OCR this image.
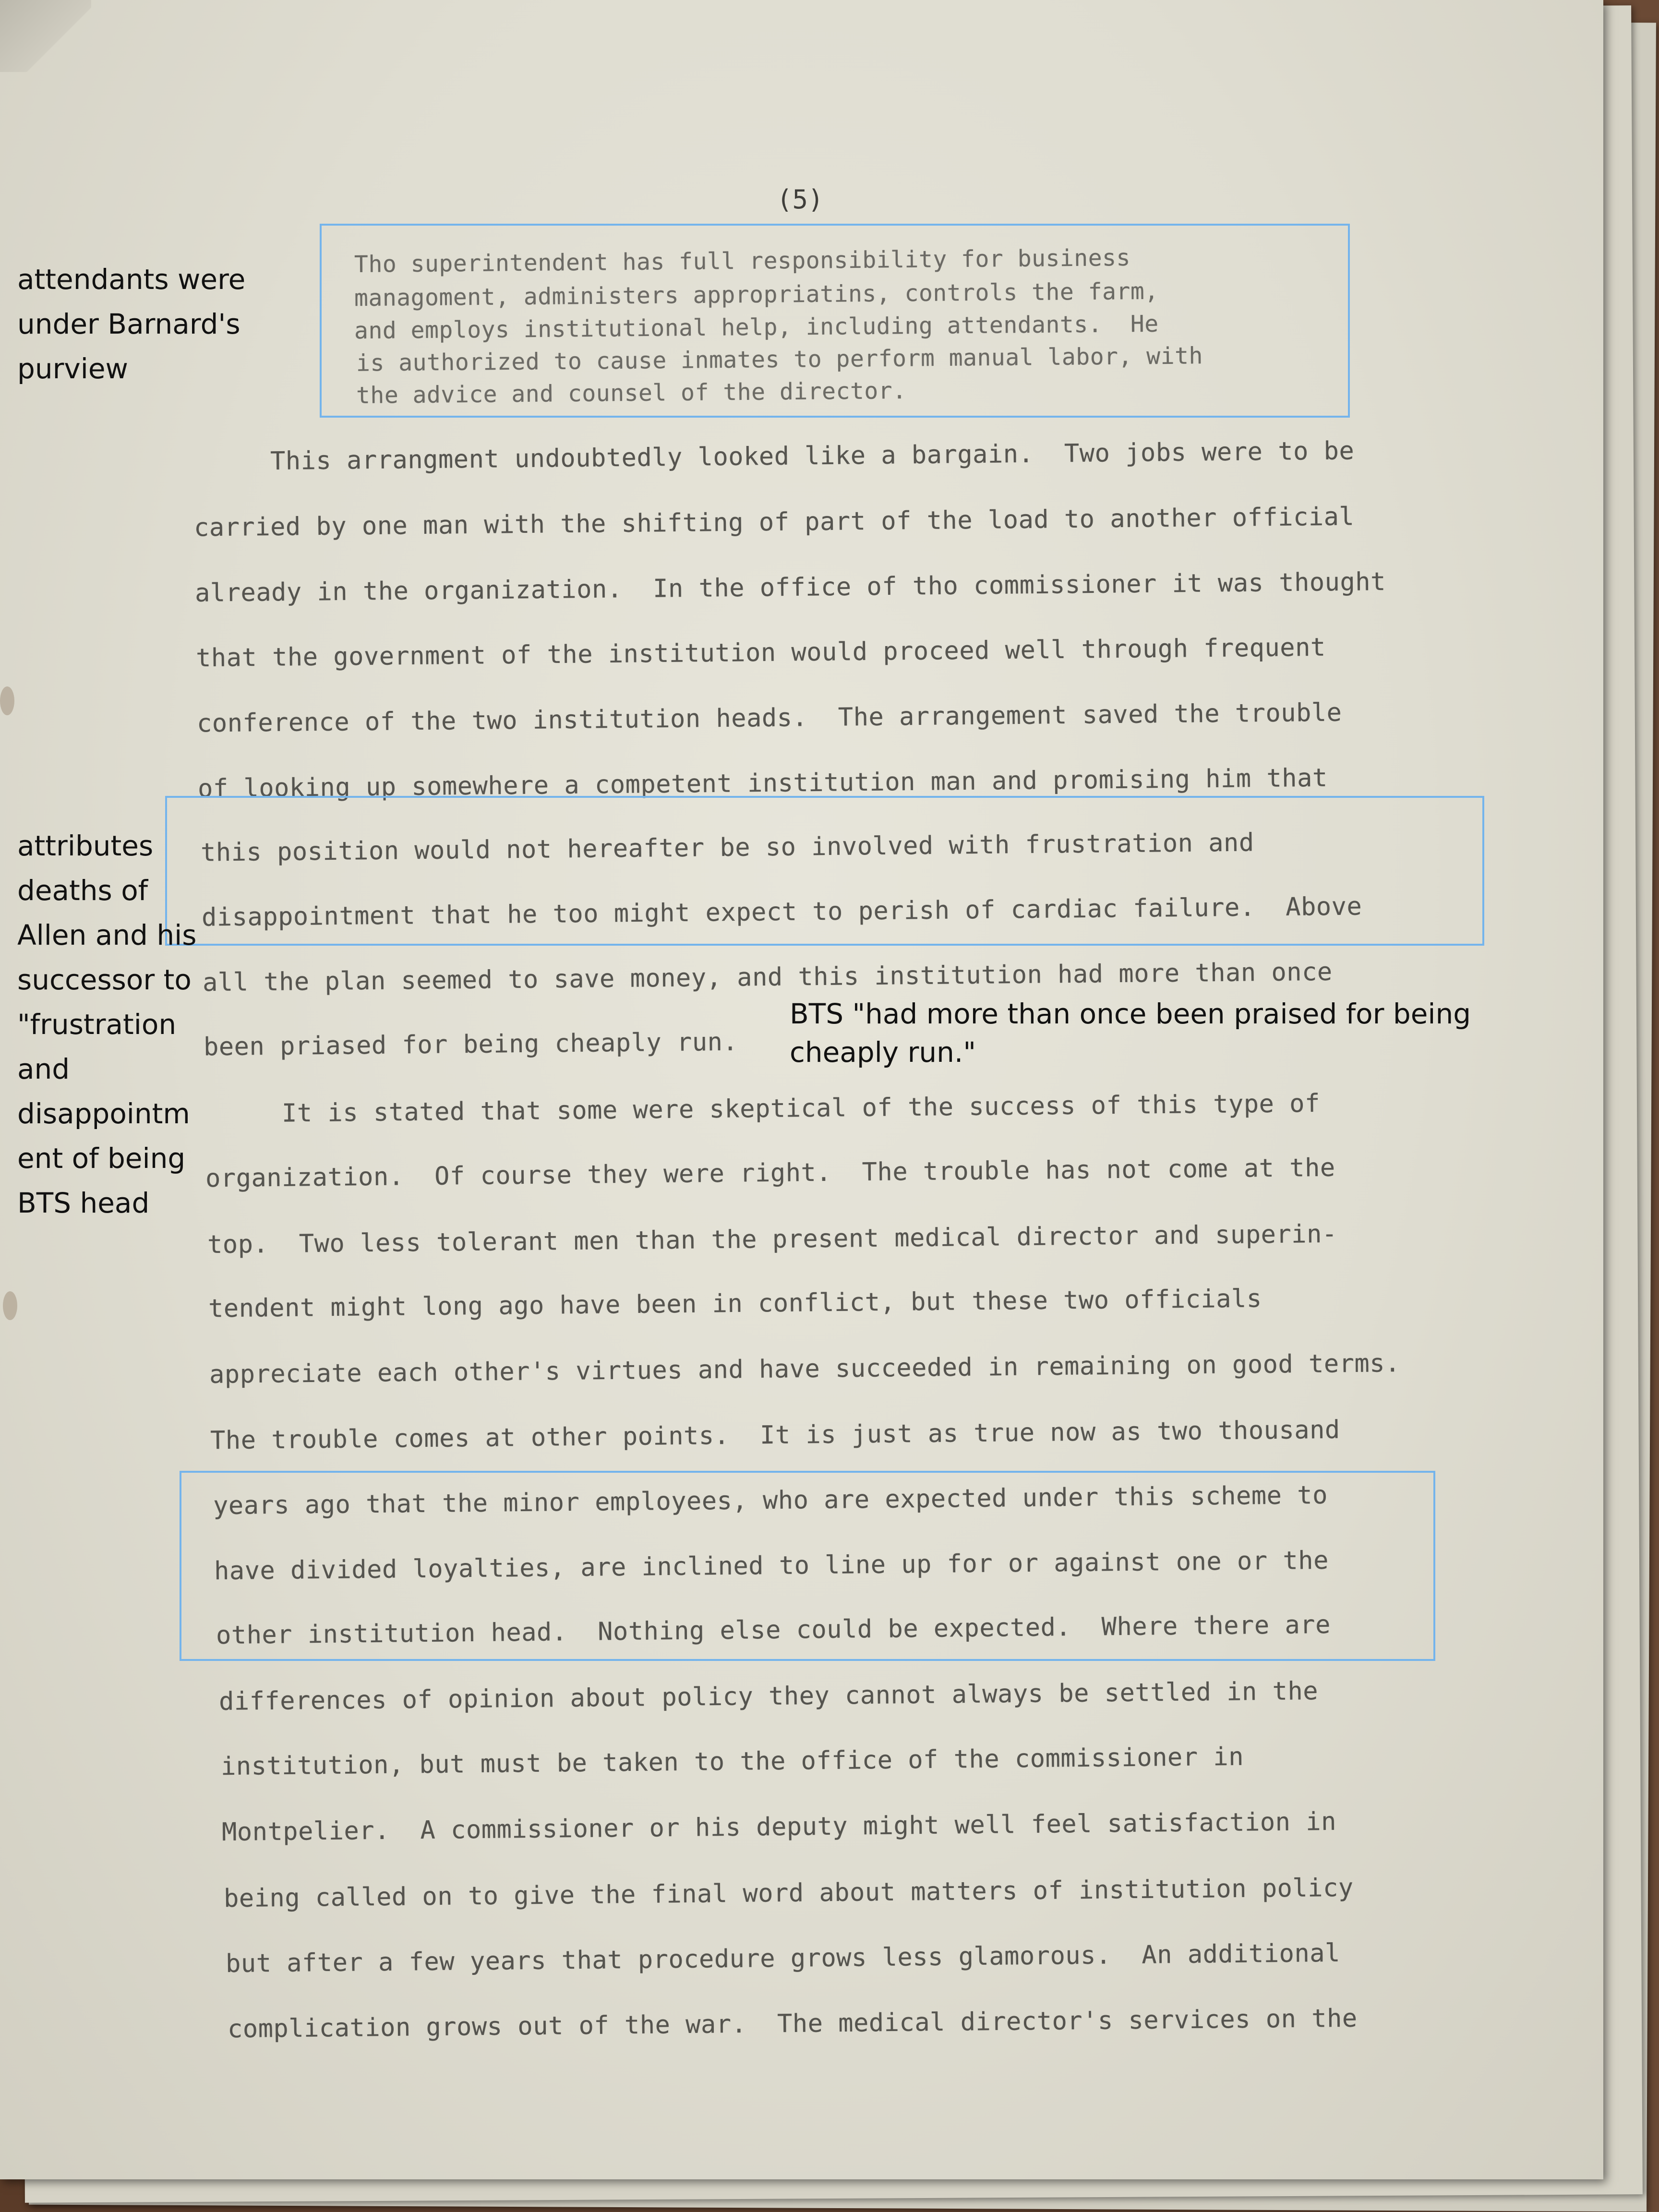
(5)
Tho superintendent has full responsibility for business
managoment, administers appropriatins, controls the farm,
and employs institutional help, including attendants.  He
is authorized to cause inmates to perform manual labor, with
the advice and counsel of the director.
This arrangment undoubtedly looked like a bargain.  Two jobs were to be
carried by one man with the shifting of part of the load to another official
already in the organization.  In the office of tho commissioner it was thought
that the government of the institution would proceed well through frequent
conference of the two institution heads.  The arrangement saved the trouble
of looking up somewhere a competent institution man and promising him that
this position would not hereafter be so involved with frustration and
disappointment that he too might expect to perish of cardiac failure.  Above
all the plan seemed to save money, and this institution had more than once
been priased for being cheaply run.
It is stated that some were skeptical of the success of this type of
organization.  Of course they were right.  The trouble has not come at the
top.  Two less tolerant men than the present medical director and superin-
tendent might long ago have been in conflict, but these two officials
appreciate each other's virtues and have succeeded in remaining on good terms.
The trouble comes at other points.  It is just as true now as two thousand
years ago that the minor employees, who are expected under this scheme to
have divided loyalties, are inclined to line up for or against one or the
other institution head.  Nothing else could be expected.  Where there are
differences of opinion about policy they cannot always be settled in the
institution, but must be taken to the office of the commissioner in
Montpelier.  A commissioner or his deputy might well feel satisfaction in
being called on to give the final word about matters of institution policy
but after a few years that procedure grows less glamorous.  An additional
complication grows out of the war.  The medical director's services on the
attendants were
under Barnard's
purview
attributes
deaths of
Allen and his
successor to
"frustration
and
disappointm
ent of being
BTS head
BTS "had more than once been praised for being cheaply run."
